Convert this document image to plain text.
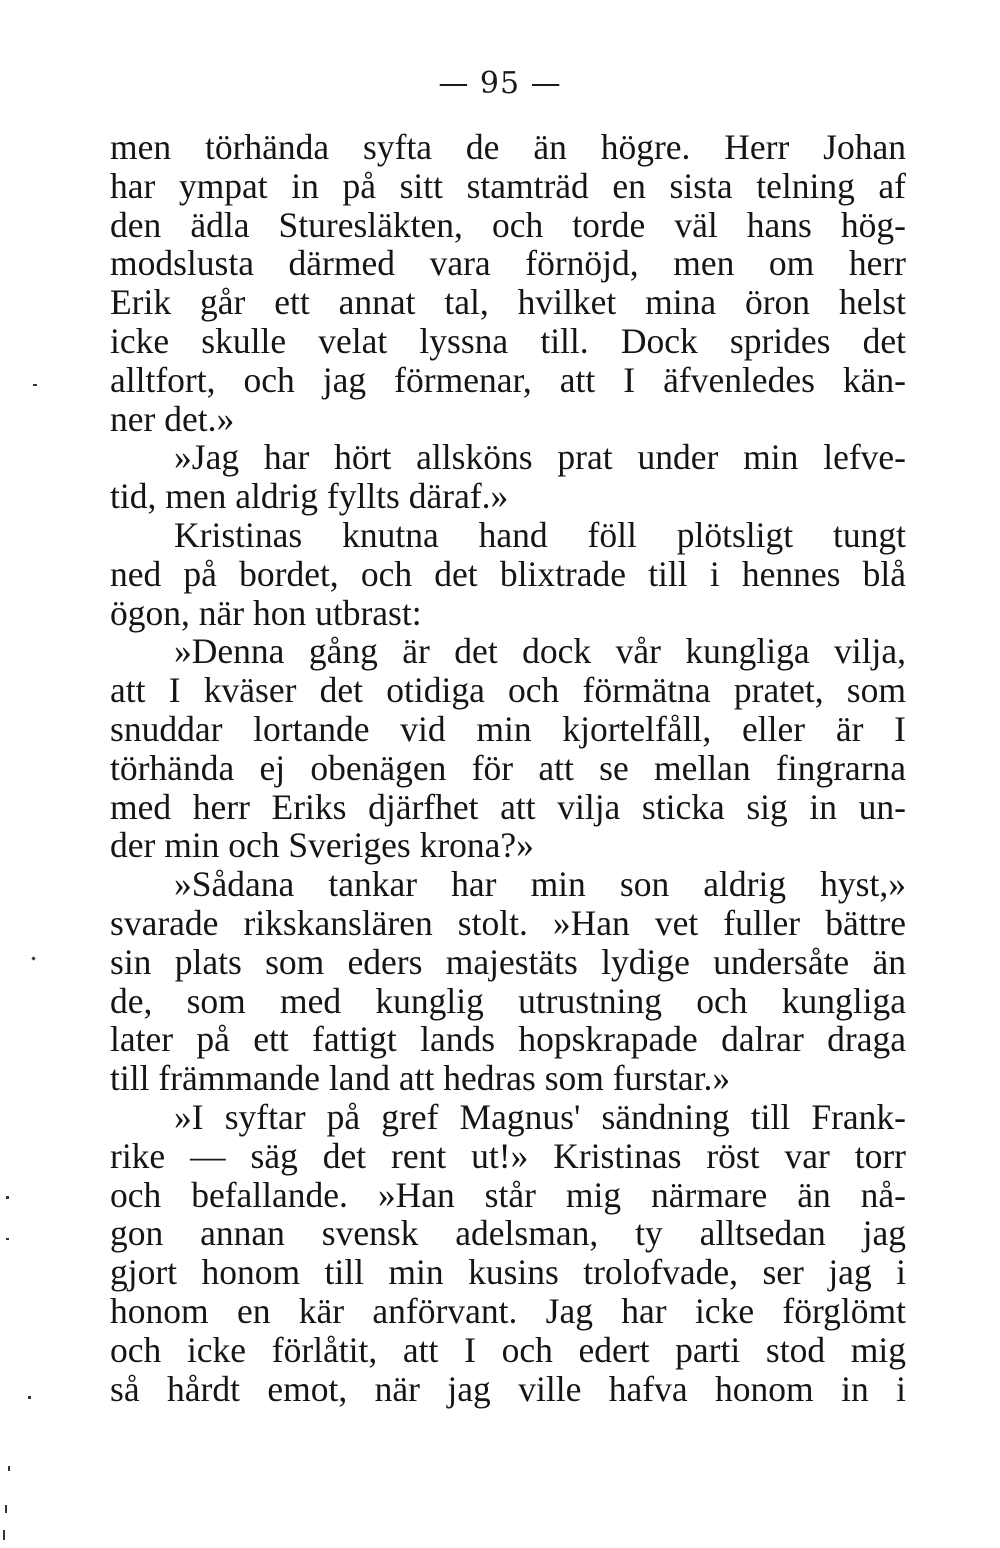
— 95 —
men törhända syfta de än högre. Herr Johan
har ympat in på sitt stamträd en sista telning af
den ädla Sturesläkten, och torde väl hans hög-
modslusta därmed vara förnöjd, men om herr
Erik går ett annat tal, hvilket mina öron helst
icke skulle velat lyssna till. Dock sprides det
alltfort, och jag förmenar, att I äfvenledes kän-
ner det.»
»Jag har hört allsköns prat under min lefve-
tid, men aldrig fyllts däraf.»
Kristinas knutna hand föll plötsligt tungt
ned på bordet, och det blixtrade till i hennes blå
ögon, när hon utbrast:
»Denna gång är det dock vår kungliga vilja,
att I kväser det otidiga och förmätna pratet, som
snuddar lortande vid min kjortelfåll, eller är I
törhända ej obenägen för att se mellan fingrarna
med herr Eriks djärfhet att vilja sticka sig in un-
der min och Sveriges krona?»
»Sådana tankar har min son aldrig hyst,»
svarade rikskansläre​n stolt. »Han vet fuller bättre
sin plats som eders majestäts lydige undersåte än
de, som med kunglig utrustning och kungliga
later på ett fattigt lands hopskrapade dalrar draga
till främmande land att hedras som furstar.»
»I syftar på gref Magnus' sändning till Frank-
rike — säg det rent ut!» Kristinas röst var torr
och befallande. »Han står mig närmare än nå-
gon annan svensk adelsman, ty alltsedan jag
gjort honom till min kusins trolofvade, ser jag i
honom en kär anförvant. Jag har icke förglömt
och icke förlåtit, att I och edert parti stod mig
så hårdt emot, när jag ville hafva honom in i
